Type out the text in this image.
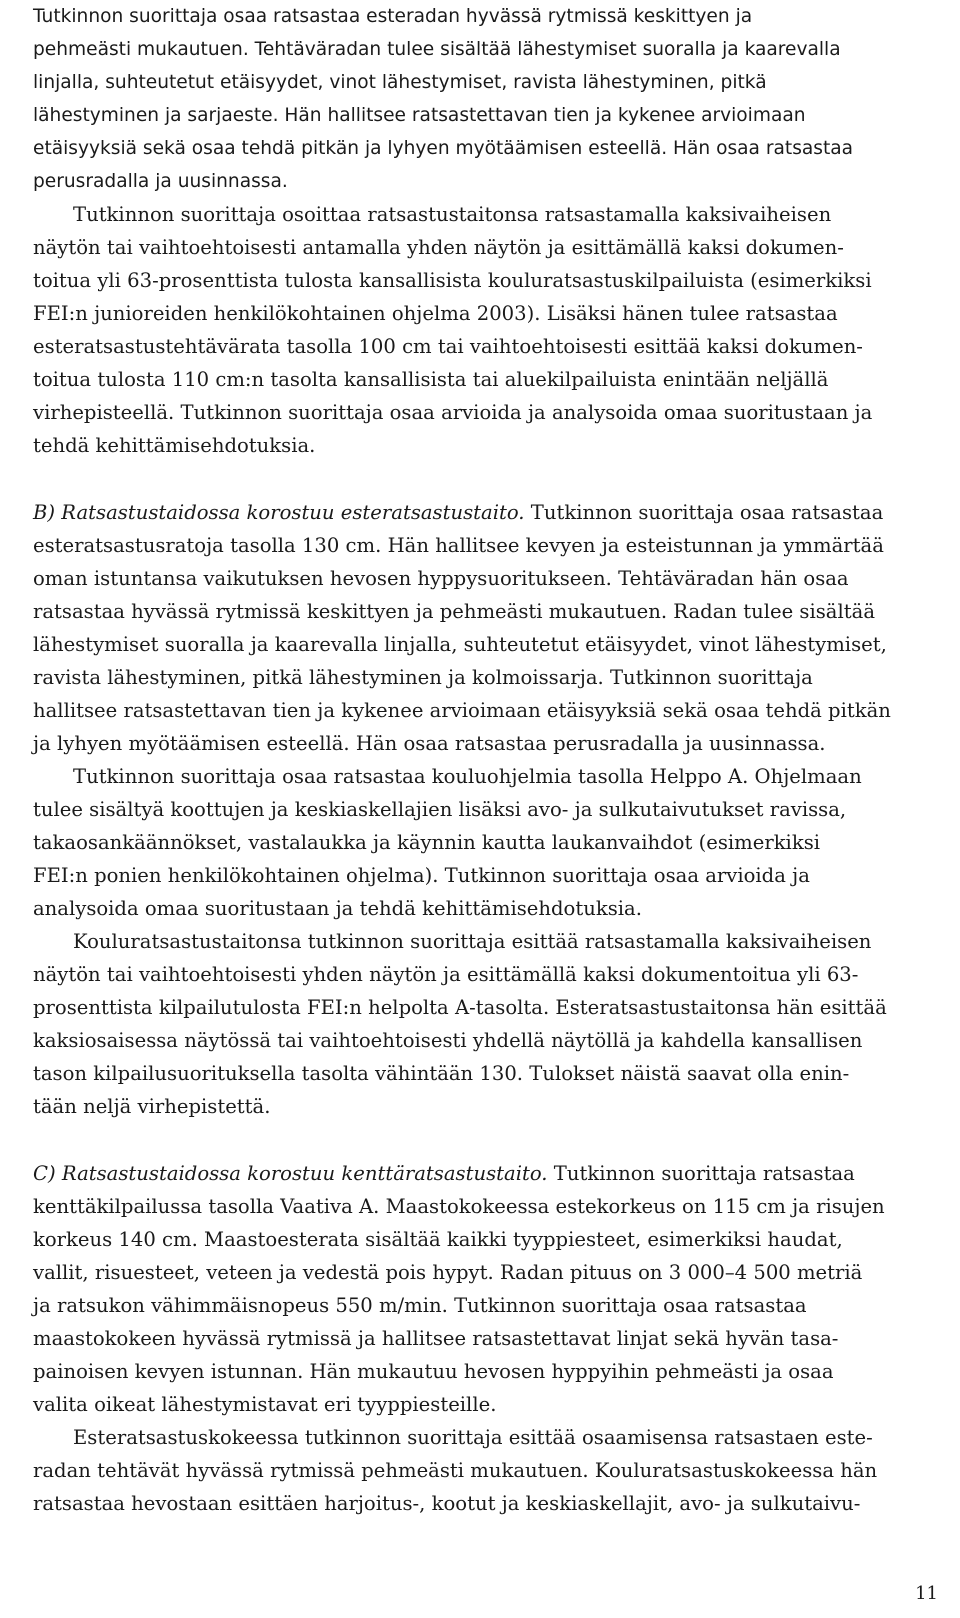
Tutkinnon suorittaja osaa ratsastaa esteradan hyvässä rytmissä keskittyen ja
pehmeästi mukautuen. Tehtäväradan tulee sisältää lähestymiset suoralla ja kaarevalla
linjalla, suhteutetut etäisyydet, vinot lähestymiset, ravista lähestyminen, pitkä
lähestyminen ja sarjaeste. Hän hallitsee ratsastettavan tien ja kykenee arvioimaan
etäisyyksiä sekä osaa tehdä pitkän ja lyhyen myötäämisen esteellä. Hän osaa ratsastaa
perusradalla ja uusinnassa.
Tutkinnon suorittaja osoittaa ratsastustaitonsa ratsastamalla kaksivaiheisen
näytön tai vaihtoehtoisesti antamalla yhden näytön ja esittämällä kaksi dokumen-
toitua yli 63-prosenttista tulosta kansallisista kouluratsastuskilpailuista (esimerkiksi
FEI:n junioreiden henkilökohtainen ohjelma 2003). Lisäksi hänen tulee ratsastaa
esteratsastustehtävärata tasolla 100 cm tai vaihtoehtoisesti esittää kaksi dokumen-
toitua tulosta 110 cm:n tasolta kansallisista tai aluekilpailuista enintään neljällä
virhepisteellä. Tutkinnon suorittaja osaa arvioida ja analysoida omaa suoritustaan ja
tehdä kehittämisehdotuksia.
B) Ratsastustaidossa korostuu esteratsastustaito. Tutkinnon suorittaja osaa ratsastaa
esteratsastusratoja tasolla 130 cm. Hän hallitsee kevyen ja esteistunnan ja ymmärtää
oman istuntansa vaikutuksen hevosen hyppysuoritukseen. Tehtäväradan hän osaa
ratsastaa hyvässä rytmissä keskittyen ja pehmeästi mukautuen. Radan tulee sisältää
lähestymiset suoralla ja kaarevalla linjalla, suhteutetut etäisyydet, vinot lähestymiset,
ravista lähestyminen, pitkä lähestyminen ja kolmoissarja. Tutkinnon suorittaja
hallitsee ratsastettavan tien ja kykenee arvioimaan etäisyyksiä sekä osaa tehdä pitkän
ja lyhyen myötäämisen esteellä. Hän osaa ratsastaa perusradalla ja uusinnassa.
Tutkinnon suorittaja osaa ratsastaa kouluohjelmia tasolla Helppo A. Ohjelmaan
tulee sisältyä koottujen ja keskiaskellajien lisäksi avo- ja sulkutaivutukset ravissa,
takaosankäännökset, vastalaukka ja käynnin kautta laukanvaihdot (esimerkiksi
FEI:n ponien henkilökohtainen ohjelma). Tutkinnon suorittaja osaa arvioida ja
analysoida omaa suoritustaan ja tehdä kehittämisehdotuksia.
Kouluratsastustaitonsa tutkinnon suorittaja esittää ratsastamalla kaksivaiheisen
näytön tai vaihtoehtoisesti yhden näytön ja esittämällä kaksi dokumentoitua yli 63-
prosenttista kilpailutulosta FEI:n helpolta A-tasolta. Esteratsastustaitonsa hän esittää
kaksiosaisessa näytössä tai vaihtoehtoisesti yhdellä näytöllä ja kahdella kansallisen
tason kilpailusuorituksella tasolta vähintään 130. Tulokset näistä saavat olla enin-
tään neljä virhepistettä.
C) Ratsastustaidossa korostuu kenttäratsastustaito. Tutkinnon suorittaja ratsastaa
kenttäkilpailussa tasolla Vaativa A. Maastokokeessa estekorkeus on 115 cm ja risujen
korkeus 140 cm. Maastoesterata sisältää kaikki tyyppiesteet, esimerkiksi haudat,
vallit, risuesteet, veteen ja vedestä pois hypyt. Radan pituus on 3 000–4 500 metriä
ja ratsukon vähimmäisnopeus 550 m/min. Tutkinnon suorittaja osaa ratsastaa
maastokokeen hyvässä rytmissä ja hallitsee ratsastettavat linjat sekä hyvän tasa-
painoisen kevyen istunnan. Hän mukautuu hevosen hyppyihin pehmeästi ja osaa
valita oikeat lähestymistavat eri tyyppiesteille.
Esteratsastuskokeessa tutkinnon suorittaja esittää osaamisensa ratsastaen este-
radan tehtävät hyvässä rytmissä pehmeästi mukautuen. Kouluratsastuskokeessa hän
ratsastaa hevostaan esittäen harjoitus-, kootut ja keskiaskellajit, avo- ja sulkutaivu-
11
